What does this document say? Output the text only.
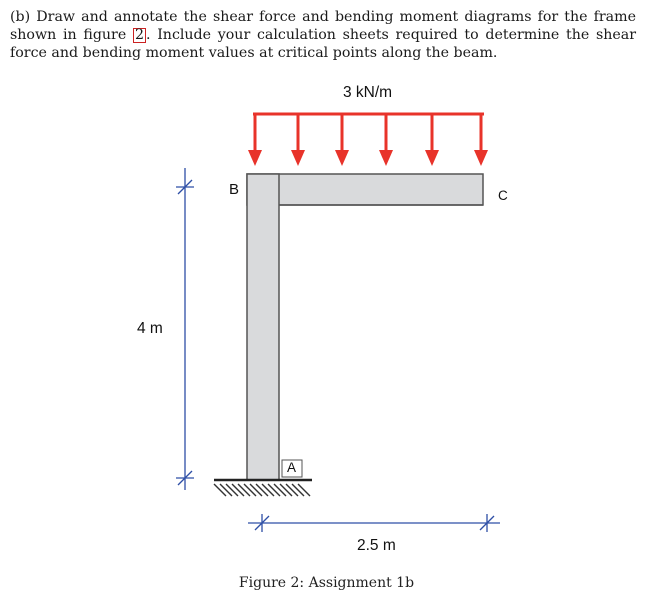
(b) Draw and annotate the shear force and bending moment diagrams for the frame shown in figure 2 . Include your calculation sheets required to determine the shear force and bending moment values at critical points along the beam.
3 kN/m
B	C
A
4 m
2.5 m
Figure 2: Assignment 1b
